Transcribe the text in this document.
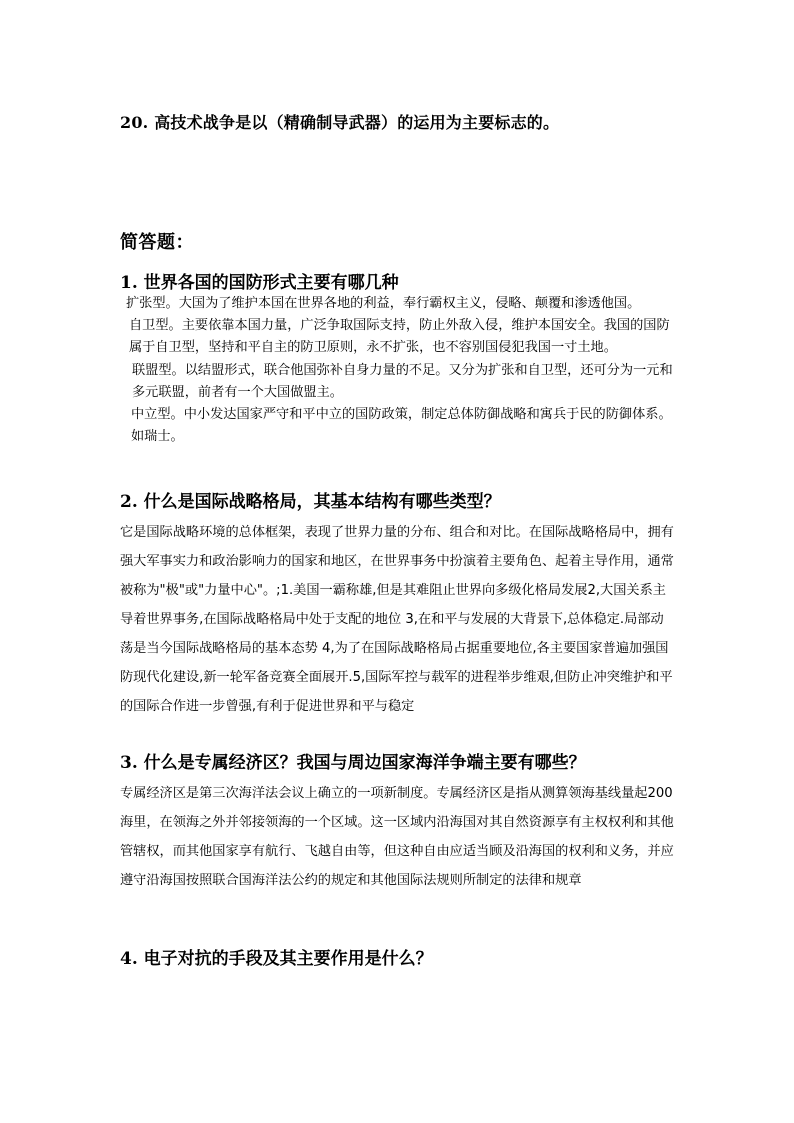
20. 高技术战争是以（精确制导武器）的运用为主要标志的。
简答题：
1. 世界各国的国防形式主要有哪几种

扩张型。大国为了维护本国在世界各地的利益，奉行霸权主义，侵略、颠覆和渗透他国。

自卫型。主要依靠本国力量，广泛争取国际支持，防止外敌入侵，维护本国安全。我国的国防属于自卫型，坚持和平自主的防卫原则，永不扩张，也不容别国侵犯我国一寸土地。

联盟型。以结盟形式，联合他国弥补自身力量的不足。又分为扩张和自卫型，还可分为一元和多元联盟，前者有一个大国做盟主。

中立型。中小发达国家严守和平中立的国防政策，制定总体防御战略和寓兵于民的防御体系。如瑞士。

2. 什么是国际战略格局，其基本结构有哪些类型？

它是国际战略环境的总体框架，表现了世界力量的分布、组合和对比。在国际战略格局中，拥有强大军事实力和政治影响力的国家和地区，在世界事务中扮演着主要角色、起着主导作用，通常被称为"极"或"力量中心"。;1.美国一霸称雄,但是其难阻止世界向多级化格局发展2,大国关系主导着世界事务,在国际战略格局中处于支配的地位 3,在和平与发展的大背景下,总体稳定.局部动荡是当今国际战略格局的基本态势 4,为了在国际战略格局占据重要地位,各主要国家普遍加强国防现代化建设,新一轮军备竞赛全面展开.5,国际军控与载军的进程举步维艰,但防止冲突维护和平的国际合作进一步曾强,有利于促进世界和平与稳定

3. 什么是专属经济区？我国与周边国家海洋争端主要有哪些？

专属经济区是第三次海洋法会议上确立的一项新制度。专属经济区是指从测算领海基线量起200海里，在领海之外并邻接领海的一个区域。这一区域内沿海国对其自然资源享有主权权利和其他管辖权，而其他国家享有航行、飞越自由等，但这种自由应适当顾及沿海国的权利和义务，并应遵守沿海国按照联合国海洋法公约的规定和其他国际法规则所制定的法律和规章

4. 电子对抗的手段及其主要作用是什么？
